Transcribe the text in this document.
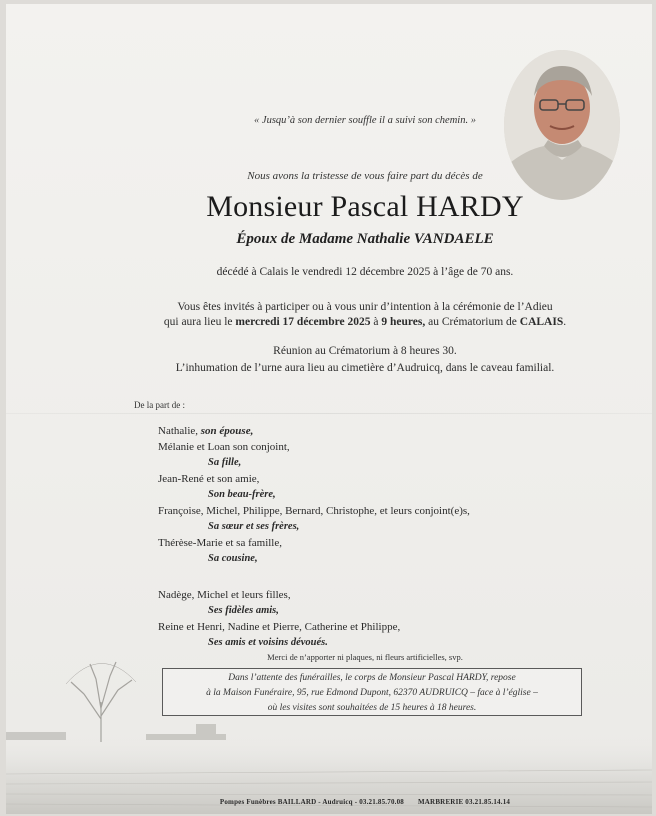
« Jusqu’à son dernier souffle il a suivi son chemin. »
Nous avons la tristesse de vous faire part du décès de
Monsieur Pascal HARDY
Époux de Madame Nathalie VANDAELE
décédé à Calais le vendredi 12 décembre 2025 à l’âge de 70 ans.
Vous êtes invités à participer ou à vous unir d’intention à la cérémonie de l’Adieu
qui aura lieu le mercredi 17 décembre 2025 à 9 heures, au Crématorium de CALAIS.
Réunion au Crématorium à 8 heures 30.
L’inhumation de l’urne aura lieu au cimetière d’Audruicq, dans le caveau familial.
De la part de :
Nathalie, son épouse,
Mélanie et Loan son conjoint,
Sa fille,
Jean-René et son amie,
Son beau-frère,
Françoise, Michel, Philippe, Bernard, Christophe, et leurs conjoint(e)s,
Sa sœur et ses frères,
Thérèse-Marie et sa famille,
Sa cousine,
Nadège, Michel et leurs filles,
Ses fidèles amis,
Reine et Henri, Nadine et Pierre, Catherine et Philippe,
Ses amis et voisins dévoués.
Merci de n’apporter ni plaques, ni fleurs artificielles, svp.
Dans l’attente des funérailles, le corps de Monsieur Pascal HARDY, repose
à la Maison Funéraire, 95, rue Edmond Dupont, 62370 AUDRUICQ – face à l’église –
où les visites sont souhaitées de 15 heures à 18 heures.
Pompes Funèbres BAILLARD - Audruicq - 03.21.85.70.08 MARBRERIE 03.21.85.14.14
